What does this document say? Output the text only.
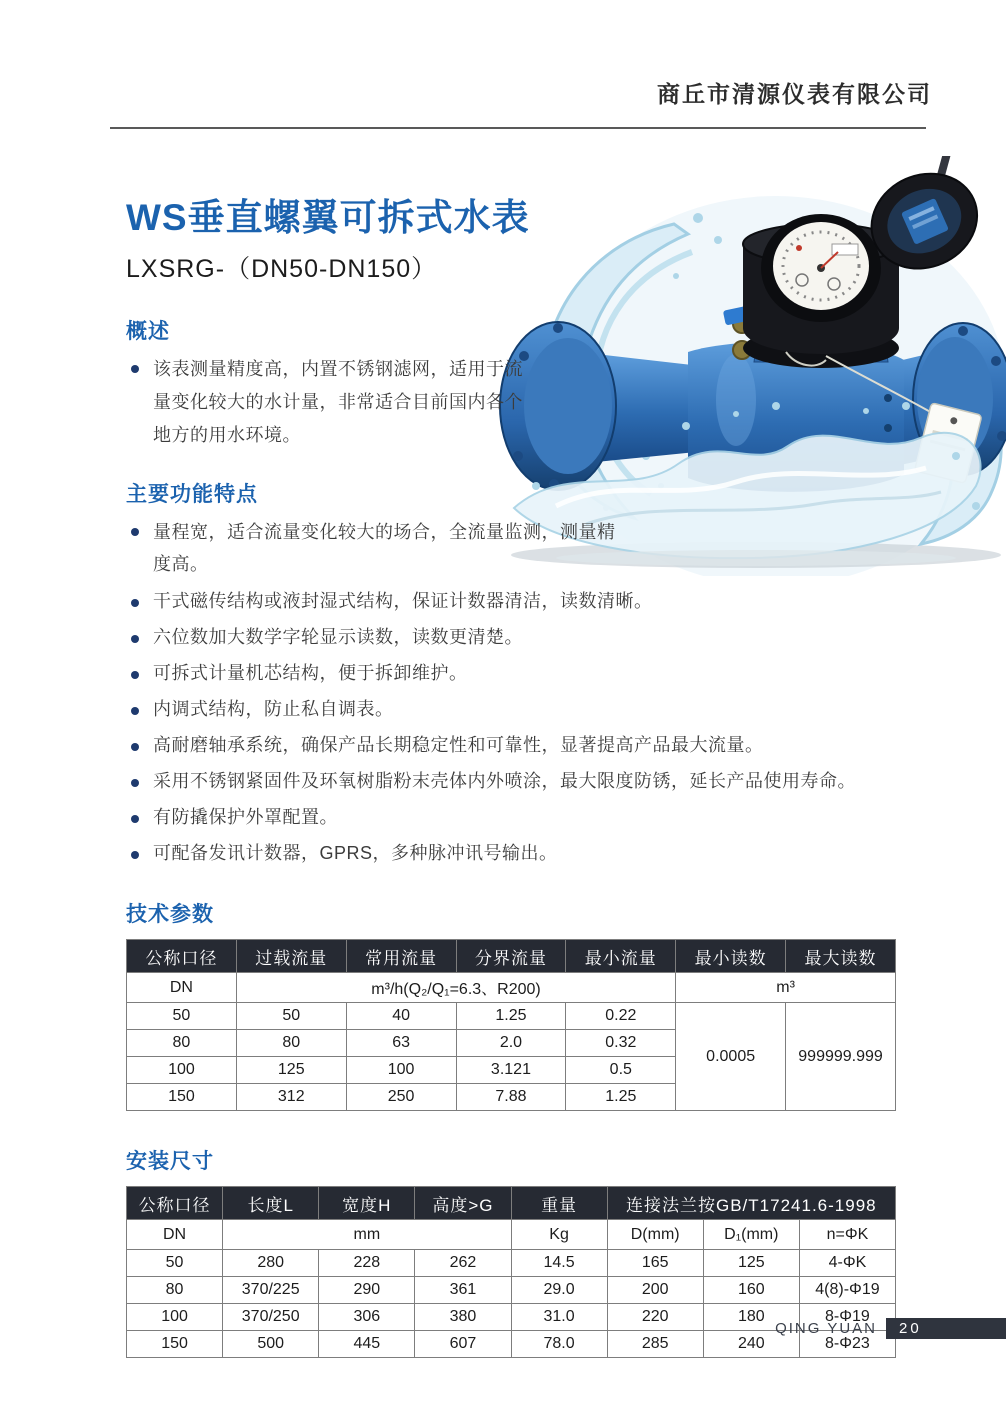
商丘市清源仪表有限公司
WS垂直螺翼可拆式水表
LXSRG-（DN50-DN150）
概述
该表测量精度高，内置不锈钢滤网，适用于流量变化较大的水计量，非常适合目前国内各个地方的用水环境。
主要功能特点
量程宽，适合流量变化较大的场合，全流量监测，测量精度高。
干式磁传结构或液封湿式结构，保证计数器清洁，读数清晰。
六位数加大数学字轮显示读数，读数更清楚。
可拆式计量机芯结构，便于拆卸维护。
内调式结构，防止私自调表。
高耐磨轴承系统，确保产品长期稳定性和可靠性，显著提高产品最大流量。
采用不锈钢紧固件及环氧树脂粉末壳体内外喷涂，最大限度防锈，延长产品使用寿命。
有防撬保护外罩配置。
可配备发讯计数器，GPRS，多种脉冲讯号输出。
技术参数
公称口径	过载流量	常用流量	分界流量	最小流量	最小读数	最大读数
DN	m³/h(Q₂/Q₁=6.3、R200)				m³	
50	50	40	1.25	0.22	0.0005	999999.999
80	80	63	2.0	0.32		
100	125	100	3.121	0.5		
150	312	250	7.88	1.25		
安装尺寸
公称口径	长度L	宽度H	高度>G	重量	连接法兰按GB/T17241.6-1998		
DN	mm			Kg	D(mm)	D₁(mm)	n=ΦK
50	280	228	262	14.5	165	125	4-ΦK
80	370/225	290	361	29.0	200	160	4(8)-Φ19
100	370/250	306	380	31.0	220	180	8-Φ19
150	500	445	607	78.0	285	240	8-Φ23
QING YUAN 20
